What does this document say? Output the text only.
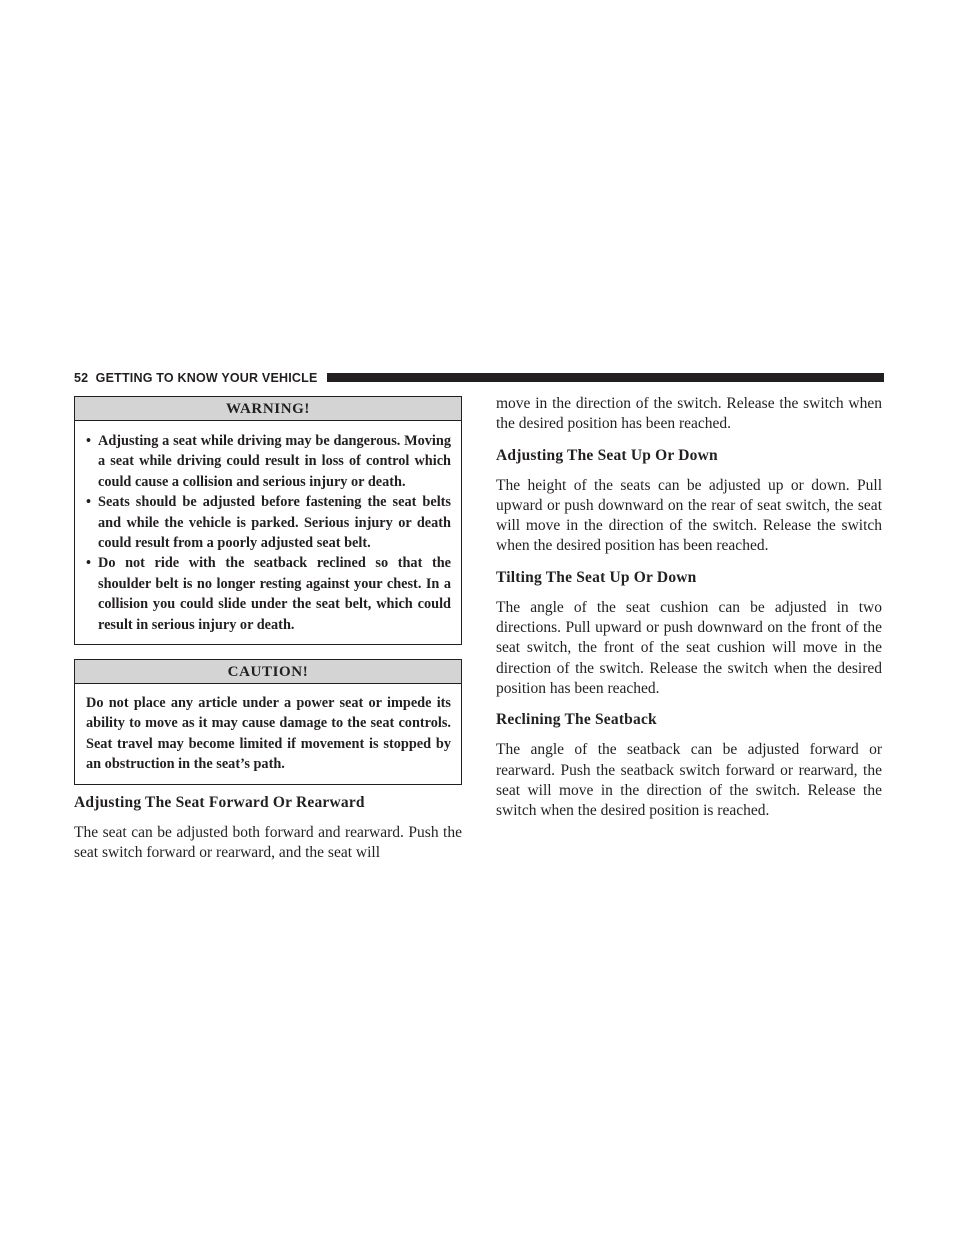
52 GETTING TO KNOW YOUR VEHICLE
WARNING!
• Adjusting a seat while driving may be dangerous. Moving a seat while driving could result in loss of control which could cause a collision and serious injury or death.
• Seats should be adjusted before fastening the seat belts and while the vehicle is parked. Serious injury or death could result from a poorly adjusted seat belt.
• Do not ride with the seatback reclined so that the shoulder belt is no longer resting against your chest. In a collision you could slide under the seat belt, which could result in serious injury or death.
CAUTION!

Do not place any article under a power seat or impede its ability to move as it may cause damage to the seat controls. Seat travel may become limited if movement is stopped by an obstruction in the seat’s path.

Adjusting The Seat Forward Or Rearward

The seat can be adjusted both forward and rearward. Push the seat switch forward or rearward, and the seat will

move in the direction of the switch. Release the switch when the desired position has been reached.

Adjusting The Seat Up Or Down

The height of the seats can be adjusted up or down. Pull upward or push downward on the rear of seat switch, the seat will move in the direction of the switch. Release the switch when the desired position has been reached.

Tilting The Seat Up Or Down

The angle of the seat cushion can be adjusted in two directions. Pull upward or push downward on the front of the seat switch, the front of the seat cushion will move in the direction of the switch. Release the switch when the desired position has been reached.

Reclining The Seatback

The angle of the seatback can be adjusted forward or rearward. Push the seatback switch forward or rearward, the seat will move in the direction of the switch. Release the switch when the desired position is reached.
